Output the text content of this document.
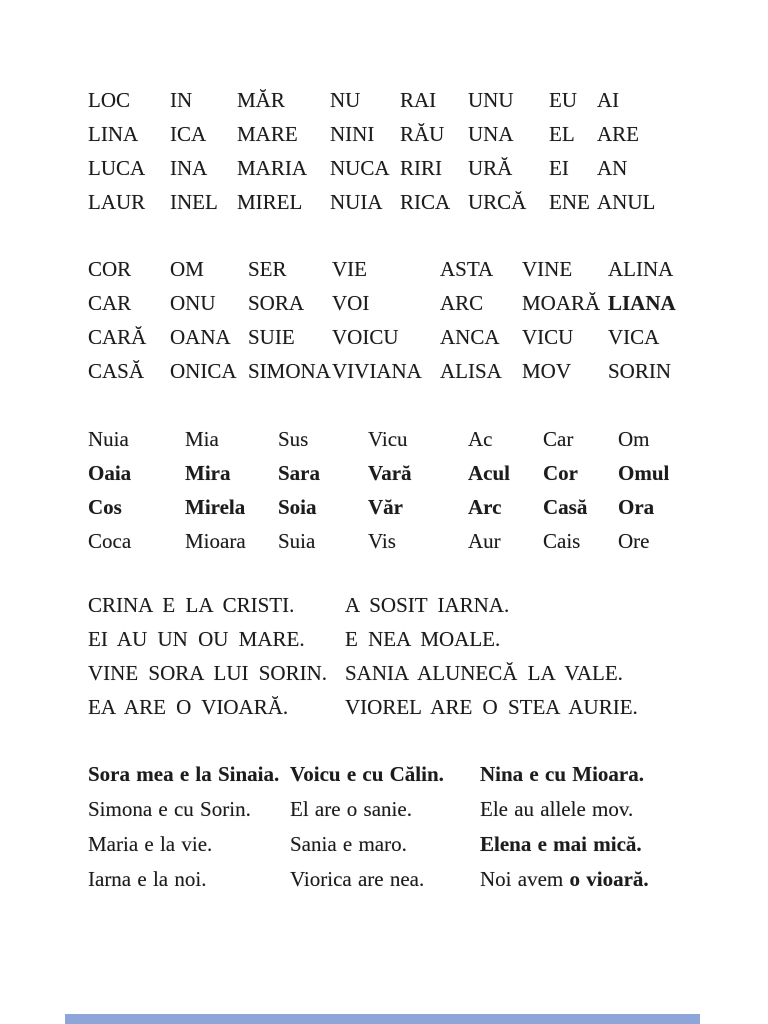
LOC IN MĂR NU RAI UNU EU AI
LINA ICA MARE NINI RĂU UNA EL ARE
LUCA INA MARIA NUCA RIRI URĂ EI AN
LAUR INEL MIREL NUIA RICA URCĂ ENE ANUL
COR OM SER VIE	ASTA VINE ALINA
CAR ONU SORA VOI	ARC MOARĂ LIANA
CARĂ OANA SUIE VOICU ANCA VICU VICA
CASĂ ONICA SIMONA VIVIANA ALISA MOV SORIN
Nuia	Mia	Sus	Vicu	Ac Car Om
Oaia	Mira Sara Vară	Acul Cor Omul
Cos	Mirela Soia Văr	Arc Casă Ora
Coca	Mioara Suia	Vis	Aur Cais Ore
CRINA E LA CRISTI. A SOSIT IARNA.
EI AU UN OU MARE. E NEA MOALE.
VINE SORA LUI SORIN. SANIA ALUNECĂ LA VALE.
EA ARE O VIOARĂ.	VIOREL ARE O STEA AURIE.
Sora mea e la Sinaia. Voicu e cu Călin. Nina e cu Mioara.
Simona e cu Sorin. El are o sanie.	Ele au allele mov.
Maria e la vie.	Sania e maro.	Elena e mai mică.
Iarna e la noi.	Viorica are nea.	Noi avem o vioară.
